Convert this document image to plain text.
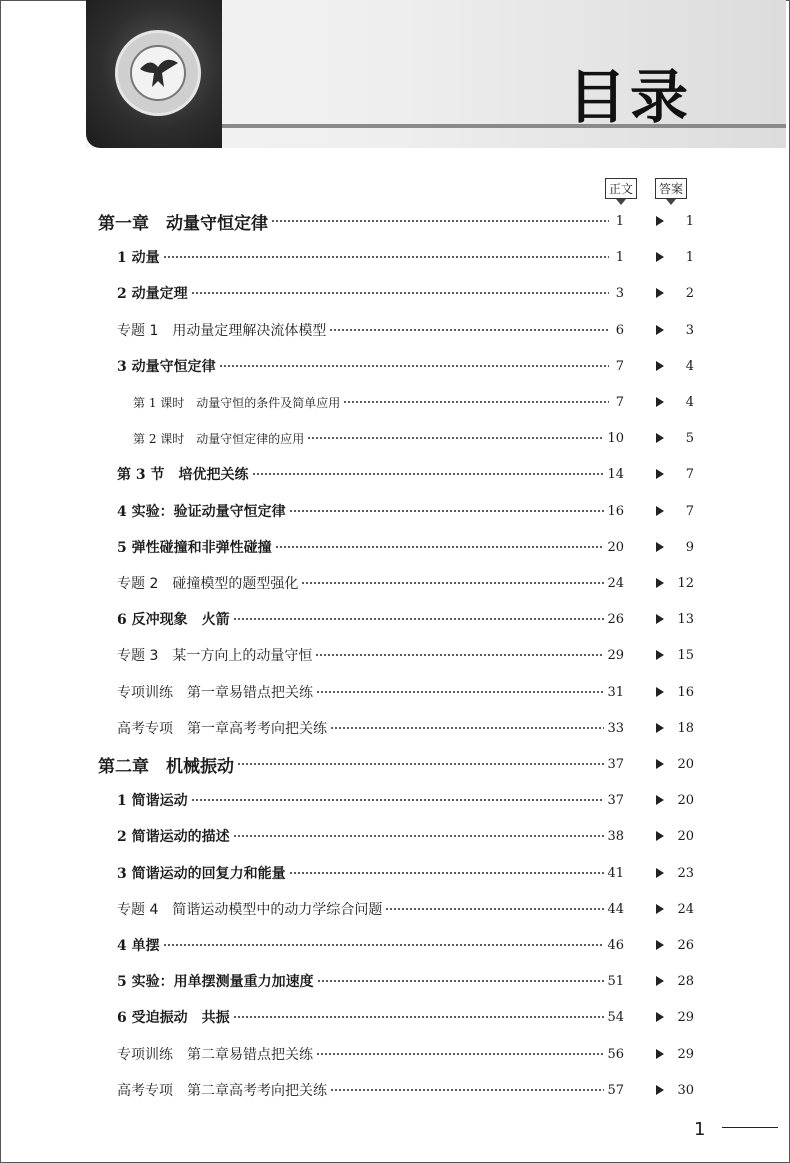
目录
正文	答案
第一章　动量守恒定律	1	1
1 动量	1	1
2 动量定理	3	2
专题 1　用动量定理解决流体模型	6	3
3 动量守恒定律	7	4
第 1 课时　动量守恒的条件及简单应用	7	4
第 2 课时　动量守恒定律的应用	10	5
第 3 节　培优把关练	14	7
4 实验：验证动量守恒定律	16	7
5 弹性碰撞和非弹性碰撞	20	9
专题 2　碰撞模型的题型强化	24	12
6 反冲现象　火箭	26	13
专题 3　某一方向上的动量守恒	29	15
专项训练　第一章易错点把关练	31	16
高考专项　第一章高考考向把关练	33	18
第二章　机械振动	37	20
1 简谐运动	37	20
2 简谐运动的描述	38	20
3 简谐运动的回复力和能量	41	23
专题 4　简谐运动模型中的动力学综合问题	44	24
4 单摆	46	26
5 实验：用单摆测量重力加速度	51	28
6 受迫振动　共振	54	29
专项训练　第二章易错点把关练	56	29
高考专项　第二章高考考向把关练	57	30
1
